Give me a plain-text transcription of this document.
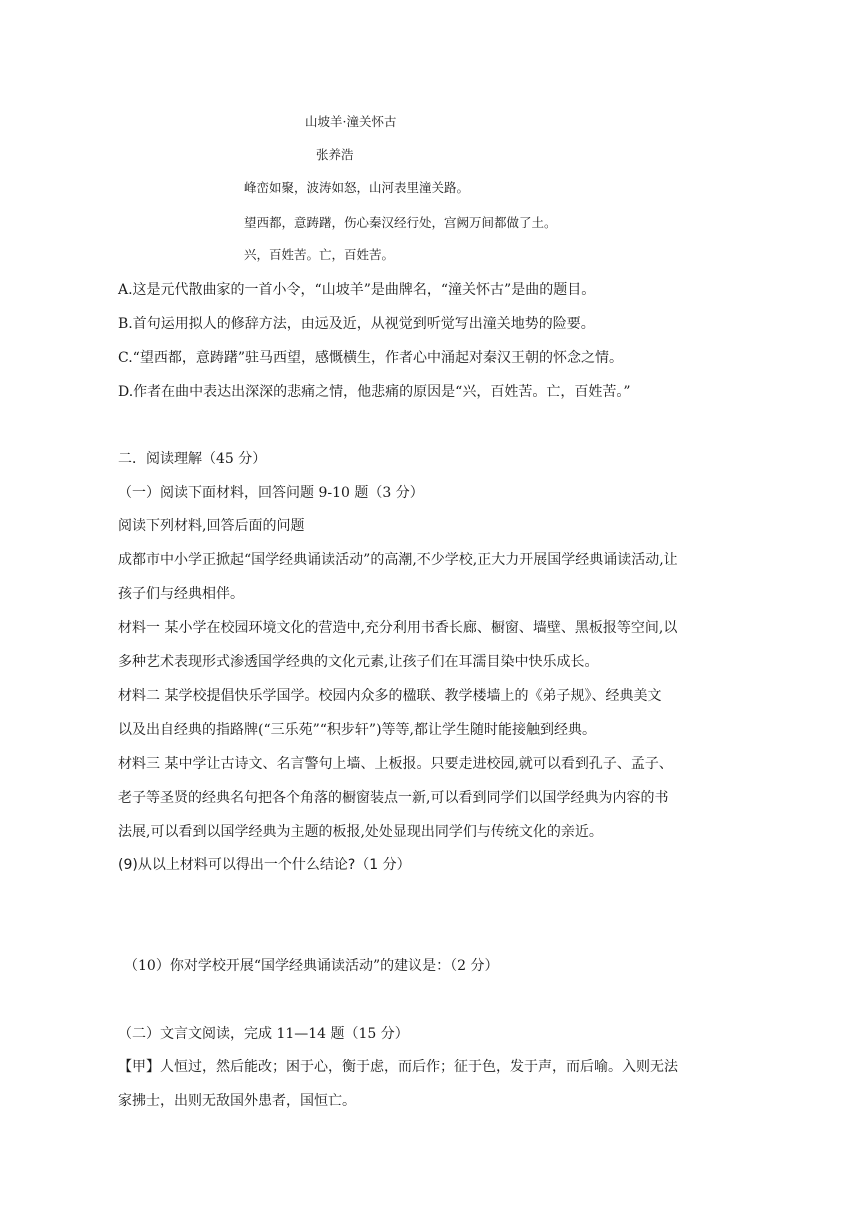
山坡羊·潼关怀古
张养浩
峰峦如聚，波涛如怒，山河表里潼关路。
望西都，意踌躇，伤心秦汉经行处，宫阙万间都做了土。
兴，百姓苦。亡，百姓苦。
A.这是元代散曲家的一首小令，“山坡羊”是曲牌名，“潼关怀古”是曲的题目。
B.首句运用拟人的修辞方法，由远及近，从视觉到听觉写出潼关地势的险要。
C.“望西都，意踌躇”驻马西望，感慨横生，作者心中涌起对秦汉王朝的怀念之情。
D.作者在曲中表达出深深的悲痛之情，他悲痛的原因是“兴，百姓苦。亡，百姓苦。”
二．阅读理解（45 分）
（一）阅读下面材料，回答问题 9-10 题（3 分）
阅读下列材料,回答后面的问题
成都市中小学正掀起“国学经典诵读活动”的高潮,不少学校,正大力开展国学经典诵读活动,让
孩子们与经典相伴。
材料一 某小学在校园环境文化的营造中,充分利用书香长廊、橱窗、墙壁、黑板报等空间,以
多种艺术表现形式渗透国学经典的文化元素,让孩子们在耳濡目染中快乐成长。
材料二 某学校提倡快乐学国学。校园内众多的楹联、教学楼墙上的《弟子规》、经典美文
以及出自经典的指路牌(“三乐苑”“积步轩”)等等,都让学生随时能接触到经典。
材料三 某中学让古诗文、名言警句上墙、上板报。只要走进校园,就可以看到孔子、孟子、
老子等圣贤的经典名句把各个角落的橱窗装点一新,可以看到同学们以国学经典为内容的书
法展,可以看到以国学经典为主题的板报,处处显现出同学们与传统文化的亲近。
(9)从以上材料可以得出一个什么结论?（1 分）
（10）你对学校开展“国学经典诵读活动”的建议是：（2 分）
（二）文言文阅读，完成 11—14 题（15 分）
【甲】人恒过，然后能改；困于心，衡于虑，而后作；征于色，发于声，而后喻。入则无法
家拂士，出则无敌国外患者，国恒亡。
